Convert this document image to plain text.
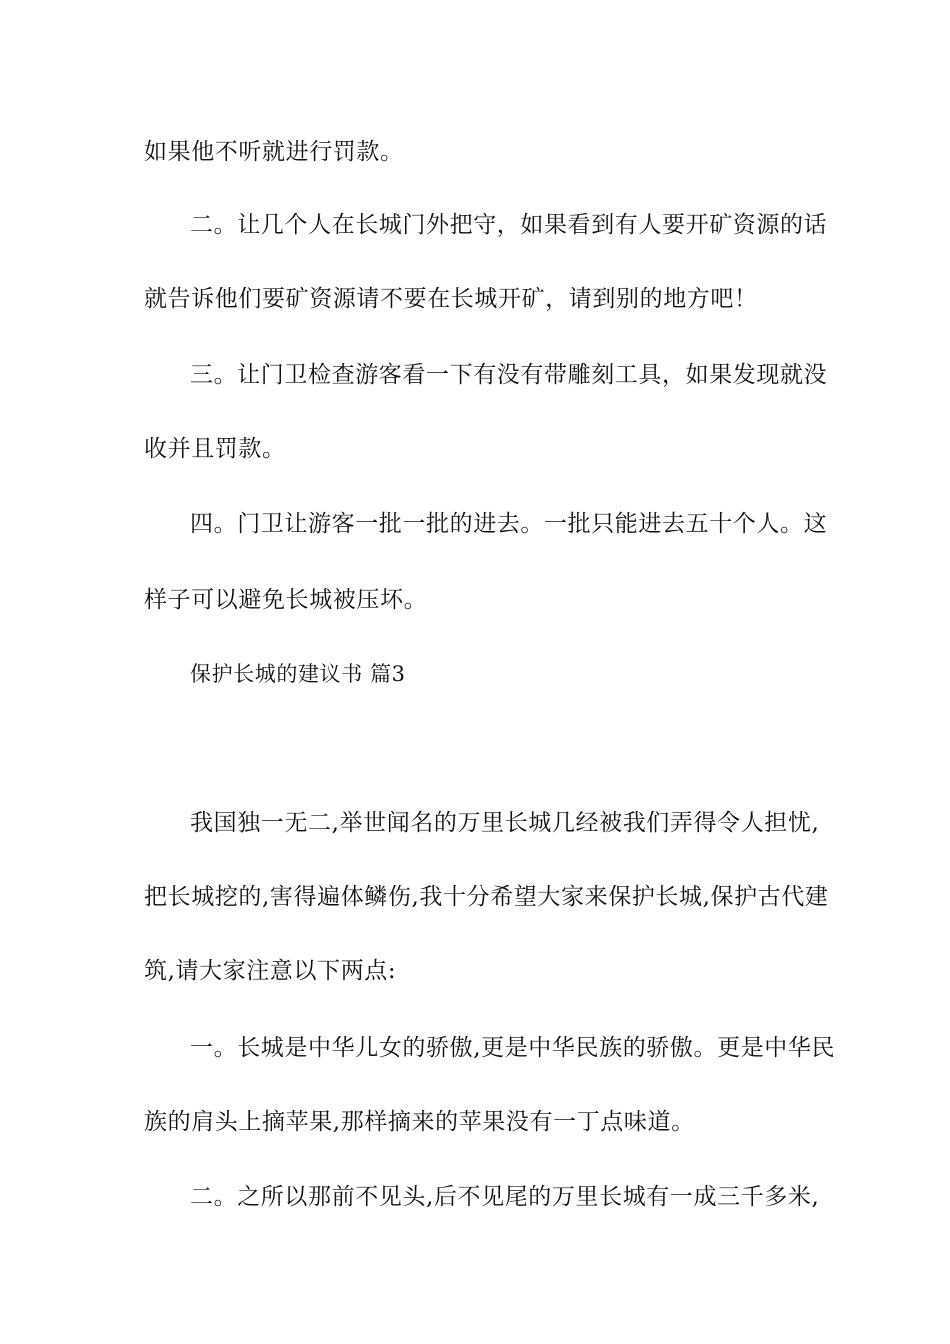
如果他不听就进行罚款。
二。让几个人在长城门外把守，如果看到有人要开矿资源的话
就告诉他们要矿资源请不要在长城开矿，请到别的地方吧！
三。让门卫检查游客看一下有没有带雕刻工具，如果发现就没
收并且罚款。
四。门卫让游客一批一批的进去。一批只能进去五十个人。这
样子可以避免长城被压坏。
保护长城的建议书 篇3
我国独一无二,举世闻名的万里长城几经被我们弄得令人担忧,
把长城挖的,害得遍体鳞伤,我十分希望大家来保护长城,保护古代建
筑,请大家注意以下两点:
一。长城是中华儿女的骄傲,更是中华民族的骄傲。更是中华民
族的肩头上摘苹果,那样摘来的苹果没有一丁点味道。
二。之所以那前不见头,后不见尾的万里长城有一成三千多米,
